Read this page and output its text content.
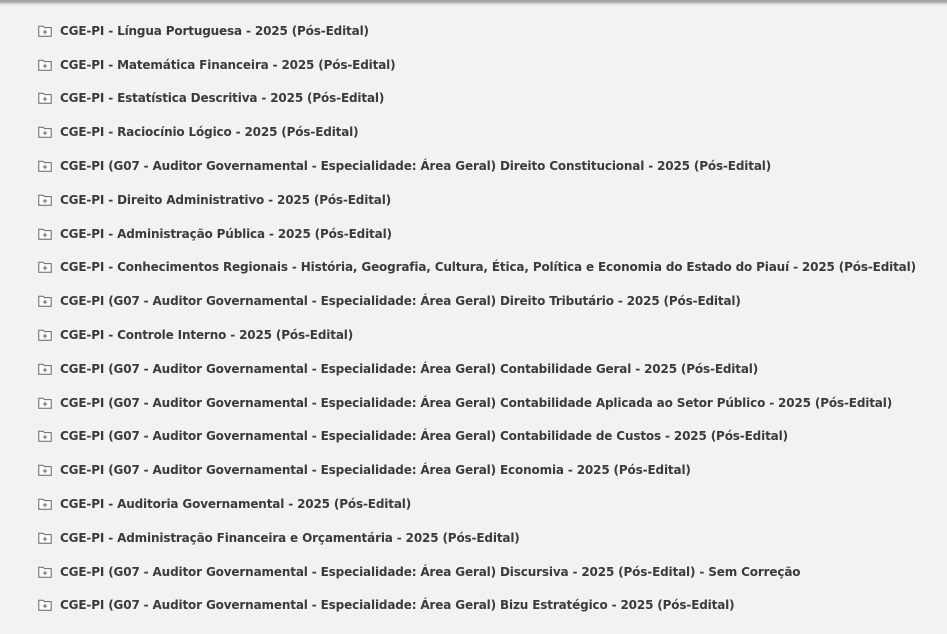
CGE-PI - Língua Portuguesa - 2025 (Pós-Edital)
CGE-PI - Matemática Financeira - 2025 (Pós-Edital)
CGE-PI - Estatística Descritiva - 2025 (Pós-Edital)
CGE-PI - Raciocínio Lógico - 2025 (Pós-Edital)
CGE-PI (G07 - Auditor Governamental - Especialidade: Área Geral) Direito Constitucional - 2025 (Pós-Edital)
CGE-PI - Direito Administrativo - 2025 (Pós-Edital)
CGE-PI - Administração Pública - 2025 (Pós-Edital)
CGE-PI - Conhecimentos Regionais - História, Geografia, Cultura, Ética, Política e Economia do Estado do Piauí - 2025 (Pós-Edital)
CGE-PI (G07 - Auditor Governamental - Especialidade: Área Geral) Direito Tributário - 2025 (Pós-Edital)
CGE-PI - Controle Interno - 2025 (Pós-Edital)
CGE-PI (G07 - Auditor Governamental - Especialidade: Área Geral) Contabilidade Geral - 2025 (Pós-Edital)
CGE-PI (G07 - Auditor Governamental - Especialidade: Área Geral) Contabilidade Aplicada ao Setor Público - 2025 (Pós-Edital)
CGE-PI (G07 - Auditor Governamental - Especialidade: Área Geral) Contabilidade de Custos - 2025 (Pós-Edital)
CGE-PI (G07 - Auditor Governamental - Especialidade: Área Geral) Economia - 2025 (Pós-Edital)
CGE-PI - Auditoria Governamental - 2025 (Pós-Edital)
CGE-PI - Administração Financeira e Orçamentária - 2025 (Pós-Edital)
CGE-PI (G07 - Auditor Governamental - Especialidade: Área Geral) Discursiva - 2025 (Pós-Edital) - Sem Correção
CGE-PI (G07 - Auditor Governamental - Especialidade: Área Geral) Bizu Estratégico - 2025 (Pós-Edital)
